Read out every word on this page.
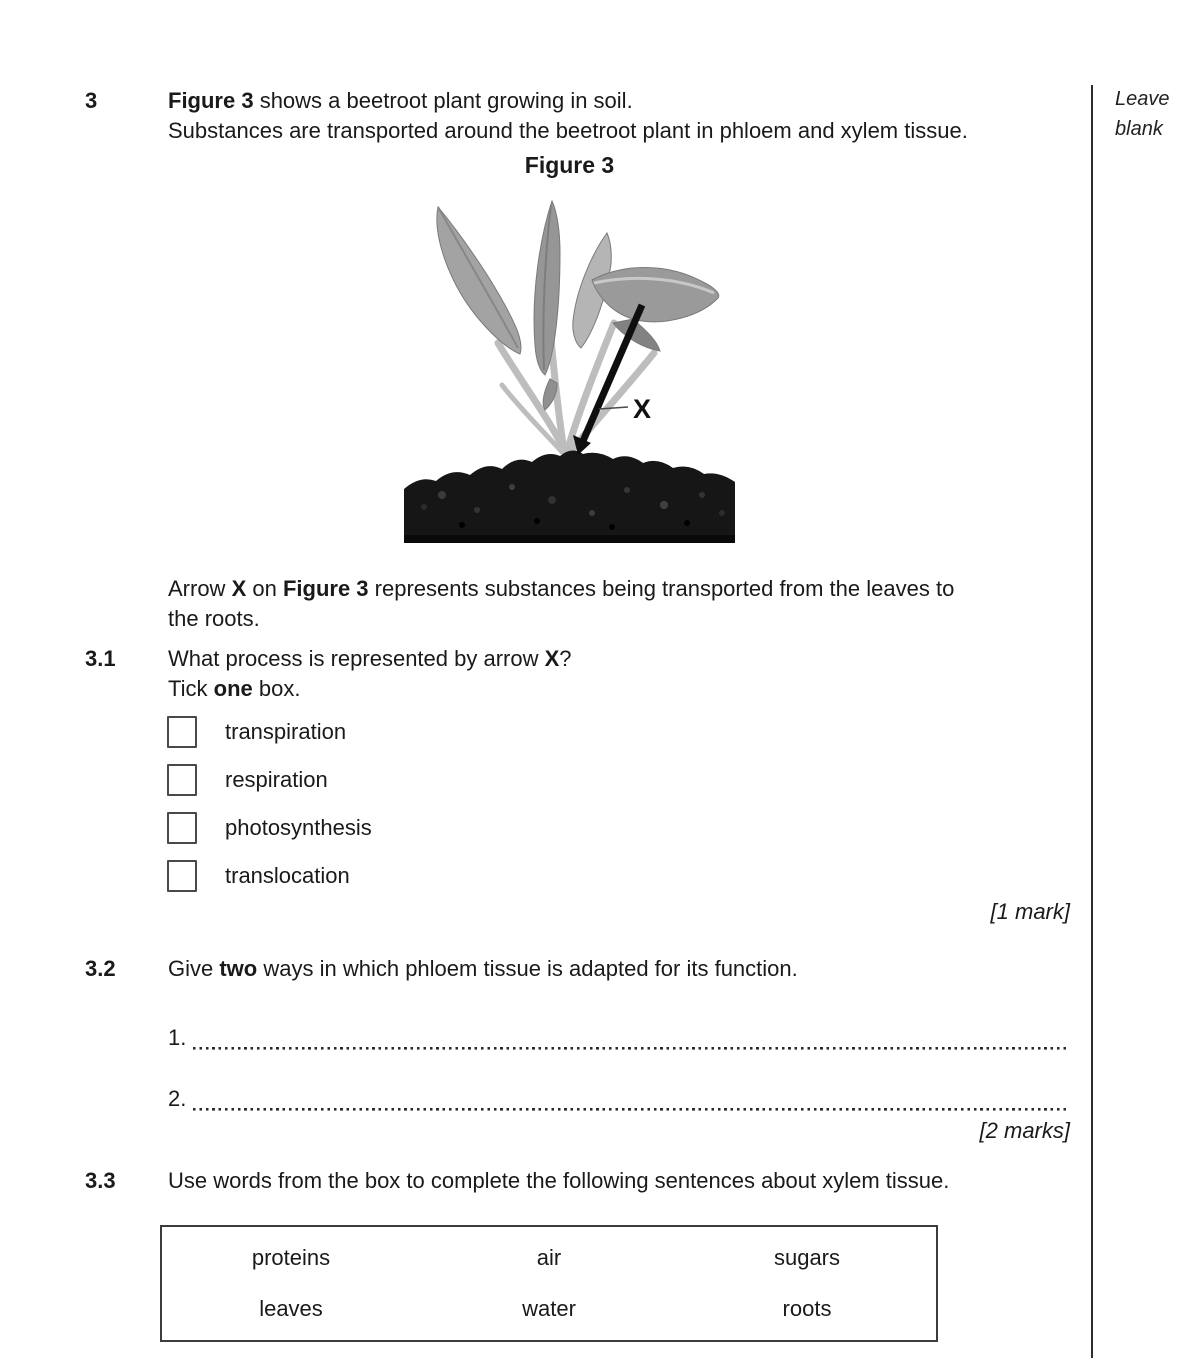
Leave
blank
3	Figure 3 shows a beetroot plant growing in soil.
Substances are transported around the beetroot plant in phloem and xylem tissue.
Figure 3
X
Arrow X on Figure 3 represents substances being transported from the leaves to
the roots.
3.1 What process is represented by arrow X?
Tick one box.
transpiration
respiration
photosynthesis
translocation
[1 mark]
3.2 Give two ways in which phloem tissue is adapted for its function.
1.
2.
[2 marks]
3.3 Use words from the box to complete the following sentences about xylem tissue.
proteins	air	sugars
leaves	water	roots
